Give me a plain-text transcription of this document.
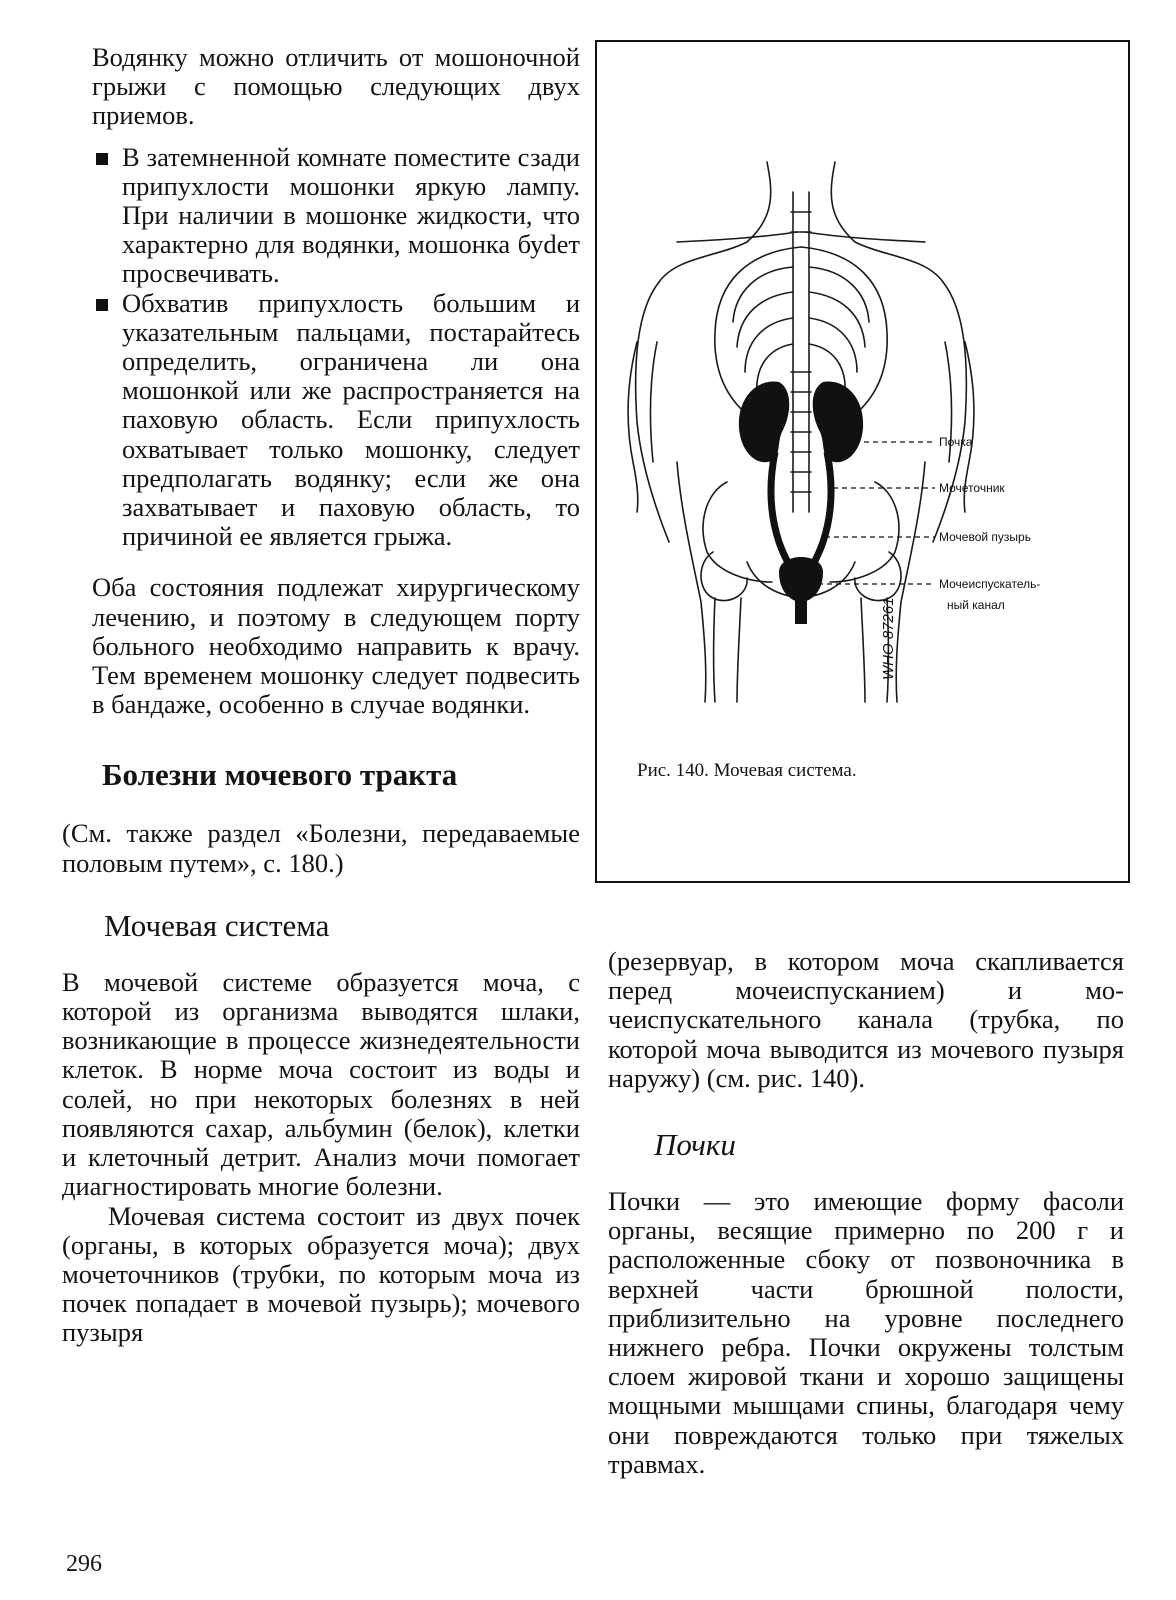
Водянку можно отличить от мошоночной грыжи с помощью следующих двух приемов.

В затемненной комнате поместите сзади припухлости мошонки яркую лампу. При наличии в мошонке жидкости, что характерно для водянки, мошонка буdет просвечивать.
Обхватив припухлость большим и указательным пальцами, постарайтесь определить, ограничена ли она мошонкой или же распространяется на паховую область. Если припухлость охватывает только мошонку, следует предполагать водянку; если же она захватывает и паховую область, то причиной ее является грыжа.

Оба состояния подлежат хирургическому лечению, и поэтому в следующем порту больного необходимо направить к врачу. Тем временем мошонку следует подвесить в бандаже, особенно в случае водянки.

Болезни мочевого тракта

(См. также раздел «Болезни, передаваемые половым путем», с. 180.)

Мочевая система

В мочевой системе образуется моча, с которой из организма выводятся шлаки, возникающие в процессе жизнедеятельности клеток. В норме моча состоит из воды и солей, но при некоторых болезнях в ней появляются сахар, альбумин (белок), клетки и клеточный детрит. Анализ мочи помогает диагностировать многие болезни.

Мочевая система состоит из двух почек (органы, в которых образуется моча); двух мочеточников (трубки, по которым моча из почек попадает в мочевой пузырь); мочевого пузыря

Почка
Мочеточник
Мочевой пузырь
Мочеиспускатель-
ный канал
WHO 87261
Рис. 140. Мочевая система.

(резервуар, в котором моча скапливается перед мочеиспусканием) и мочеиспускательного канала (трубка, по которой моча выводится из мочевого пузыря наружу) (см. рис. 140).

Почки

Почки — это имеющие форму фасоли органы, весящие примерно по 200 г и расположенные сбоку от позвоночника в верхней части брюшной полости, приблизительно на уровне последнего нижнего ребра. Почки окружены толстым слоем жировой ткани и хорошо защищены мощными мышцами спины, благодаря чему они повреждаются только при тяжелых травмах.

296
